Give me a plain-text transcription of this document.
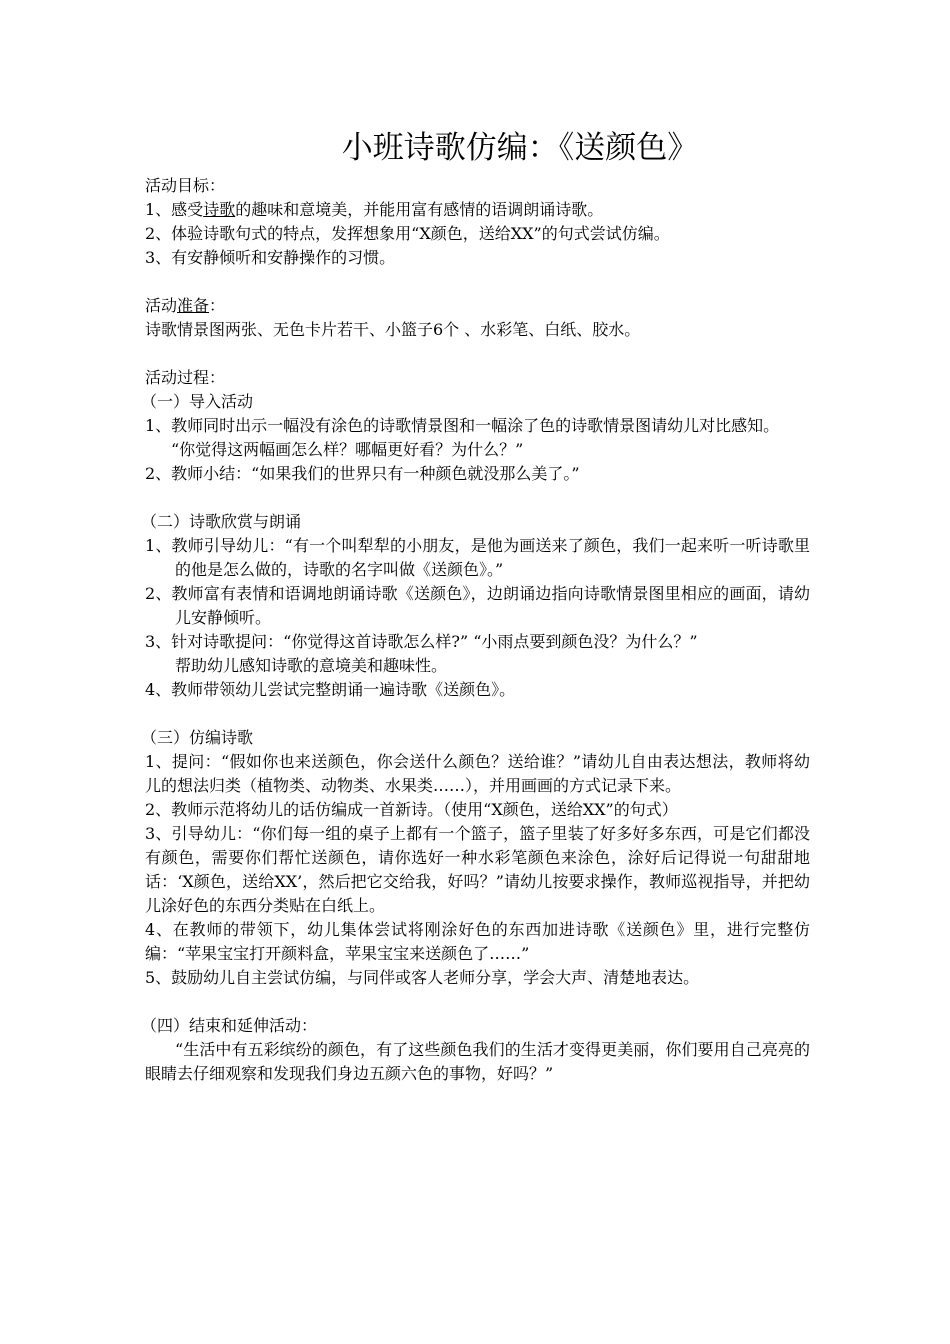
小班诗歌仿编：《送颜色》
活动目标：
1、感受诗歌的趣味和意境美，并能用富有感情的语调朗诵诗歌。
2、体验诗歌句式的特点，发挥想象用“X颜色，送给XX”的句式尝试仿编。
3、有安静倾听和安静操作的习惯。
活动准备：
诗歌情景图两张、无色卡片若干、小篮子6个 、水彩笔、白纸、胶水。
活动过程：
（一）导入活动
1、教师同时出示一幅没有涂色的诗歌情景图和一幅涂了色的诗歌情景图请幼儿对比感知。
“你觉得这两幅画怎么样？哪幅更好看？为什么？”
2、教师小结：“如果我们的世界只有一种颜色就没那么美了。”
（二）诗歌欣赏与朗诵
1、教师引导幼儿：“有一个叫犁犁的小朋友，是他为画送来了颜色，我们一起来听一听诗歌里的他是怎么做的，诗歌的名字叫做《送颜色》。”
2、教师富有表情和语调地朗诵诗歌《送颜色》，边朗诵边指向诗歌情景图里相应的画面，请幼儿安静倾听。
3、针对诗歌提问：“你觉得这首诗歌怎么样?” “小雨点要到颜色没？为什么？”
帮助幼儿感知诗歌的意境美和趣味性。
4、教师带领幼儿尝试完整朗诵一遍诗歌《送颜色》。
（三）仿编诗歌
1、提问：“假如你也来送颜色，你会送什么颜色？送给谁？”请幼儿自由表达想法，教师将幼儿的想法归类（植物类、动物类、水果类……），并用画画的方式记录下来。
2、教师示范将幼儿的话仿编成一首新诗。（使用“X颜色，送给XX”的句式）
3、引导幼儿：“你们每一组的桌子上都有一个篮子，篮子里装了好多好多东西，可是它们都没有颜色，需要你们帮忙送颜色，请你选好一种水彩笔颜色来涂色，涂好后记得说一句甜甜地话：‘X颜色，送给XX’，然后把它交给我，好吗？”请幼儿按要求操作，教师巡视指导，并把幼儿涂好色的东西分类贴在白纸上。
4、在教师的带领下，幼儿集体尝试将刚涂好色的东西加进诗歌《送颜色》里，进行完整仿编：“苹果宝宝打开颜料盒，苹果宝宝来送颜色了……”
5、鼓励幼儿自主尝试仿编，与同伴或客人老师分享，学会大声、清楚地表达。
（四）结束和延伸活动：
“生活中有五彩缤纷的颜色，有了这些颜色我们的生活才变得更美丽，你们要用自己亮亮的眼睛去仔细观察和发现我们身边五颜六色的事物，好吗？”
